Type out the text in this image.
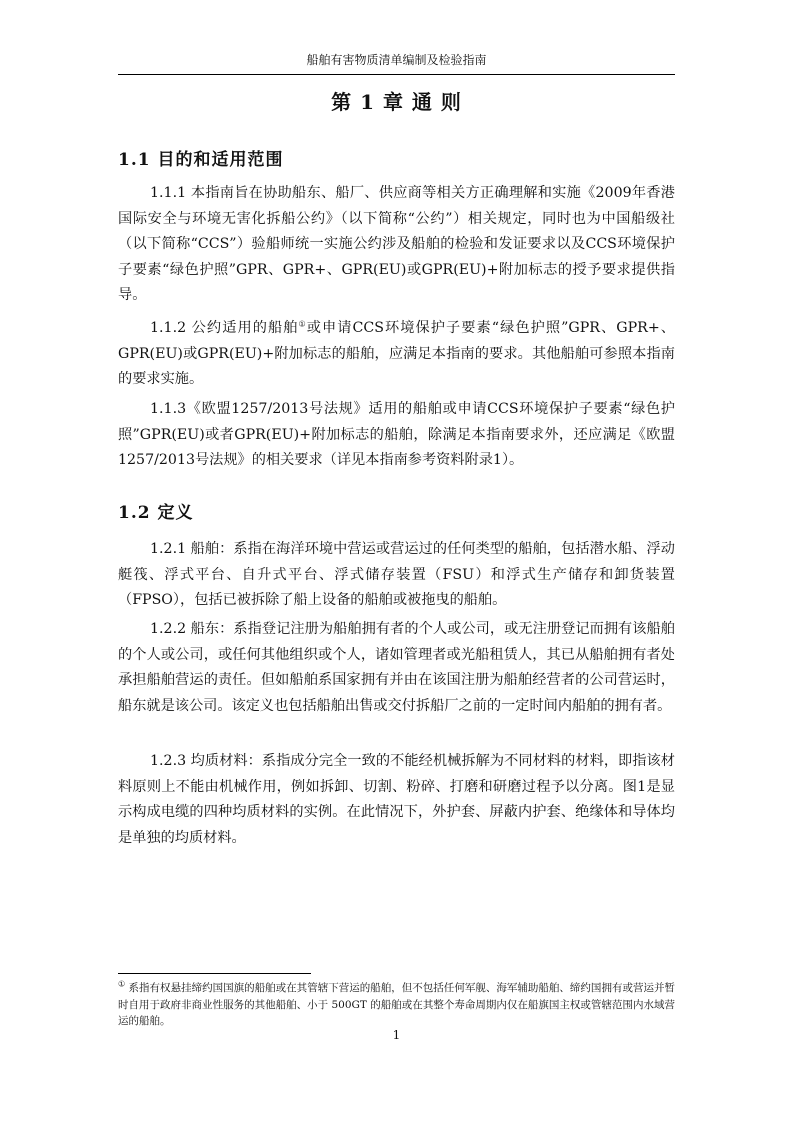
船舶有害物质清单编制及检验指南
第 1 章 通 则
1.1 目的和适用范围

1.1.1 本指南旨在协助船东、船厂、供应商等相关方正确理解和实施《2009年香港国际安全与环境无害化拆船公约》（以下简称“公约”）相关规定，同时也为中国船级社（以下简称“CCS”）验船师统一实施公约涉及船舶的检验和发证要求以及CCS环境保护子要素“绿色护照”GPR、GPR+、GPR(EU)或GPR(EU)+附加标志的授予要求提供指导。

1.1.2 公约适用的船舶①或申请CCS环境保护子要素“绿色护照”GPR、GPR+、GPR(EU)或GPR(EU)+附加标志的船舶，应满足本指南的要求。其他船舶可参照本指南的要求实施。

1.1.3《欧盟1257/2013号法规》适用的船舶或申请CCS环境保护子要素“绿色护照”GPR(EU)或者GPR(EU)+附加标志的船舶，除满足本指南要求外，还应满足《欧盟1257/2013号法规》的相关要求（详见本指南参考资料附录1）。

1.2 定义

1.2.1 船舶：系指在海洋环境中营运或营运过的任何类型的船舶，包括潜水船、浮动艇筏、浮式平台、自升式平台、浮式储存装置（FSU）和浮式生产储存和卸货装置（FPSO），包括已被拆除了船上设备的船舶或被拖曳的船舶。

1.2.2 船东：系指登记注册为船舶拥有者的个人或公司，或无注册登记而拥有该船舶的个人或公司，或任何其他组织或个人，诸如管理者或光船租赁人，其已从船舶拥有者处承担船舶营运的责任。但如船舶系国家拥有并由在该国注册为船舶经营者的公司营运时，船东就是该公司。该定义也包括船舶出售或交付拆船厂之前的一定时间内船舶的拥有者。

1.2.3 均质材料：系指成分完全一致的不能经机械拆解为不同材料的材料，即指该材料原则上不能由机械作用，例如拆卸、切割、粉碎、打磨和研磨过程予以分离。图1是显示构成电缆的四种均质材料的实例。在此情况下，外护套、屏蔽内护套、绝缘体和导体均是单独的均质材料。

① 系指有权悬挂缔约国国旗的船舶或在其管辖下营运的船舶，但不包括任何军舰、海军辅助船舶、缔约国拥有或营运并暂时自用于政府非商业性服务的其他船舶、小于 500GT 的船舶或在其整个寿命周期内仅在船旗国主权或管辖范围内水域营运的船舶。

1
